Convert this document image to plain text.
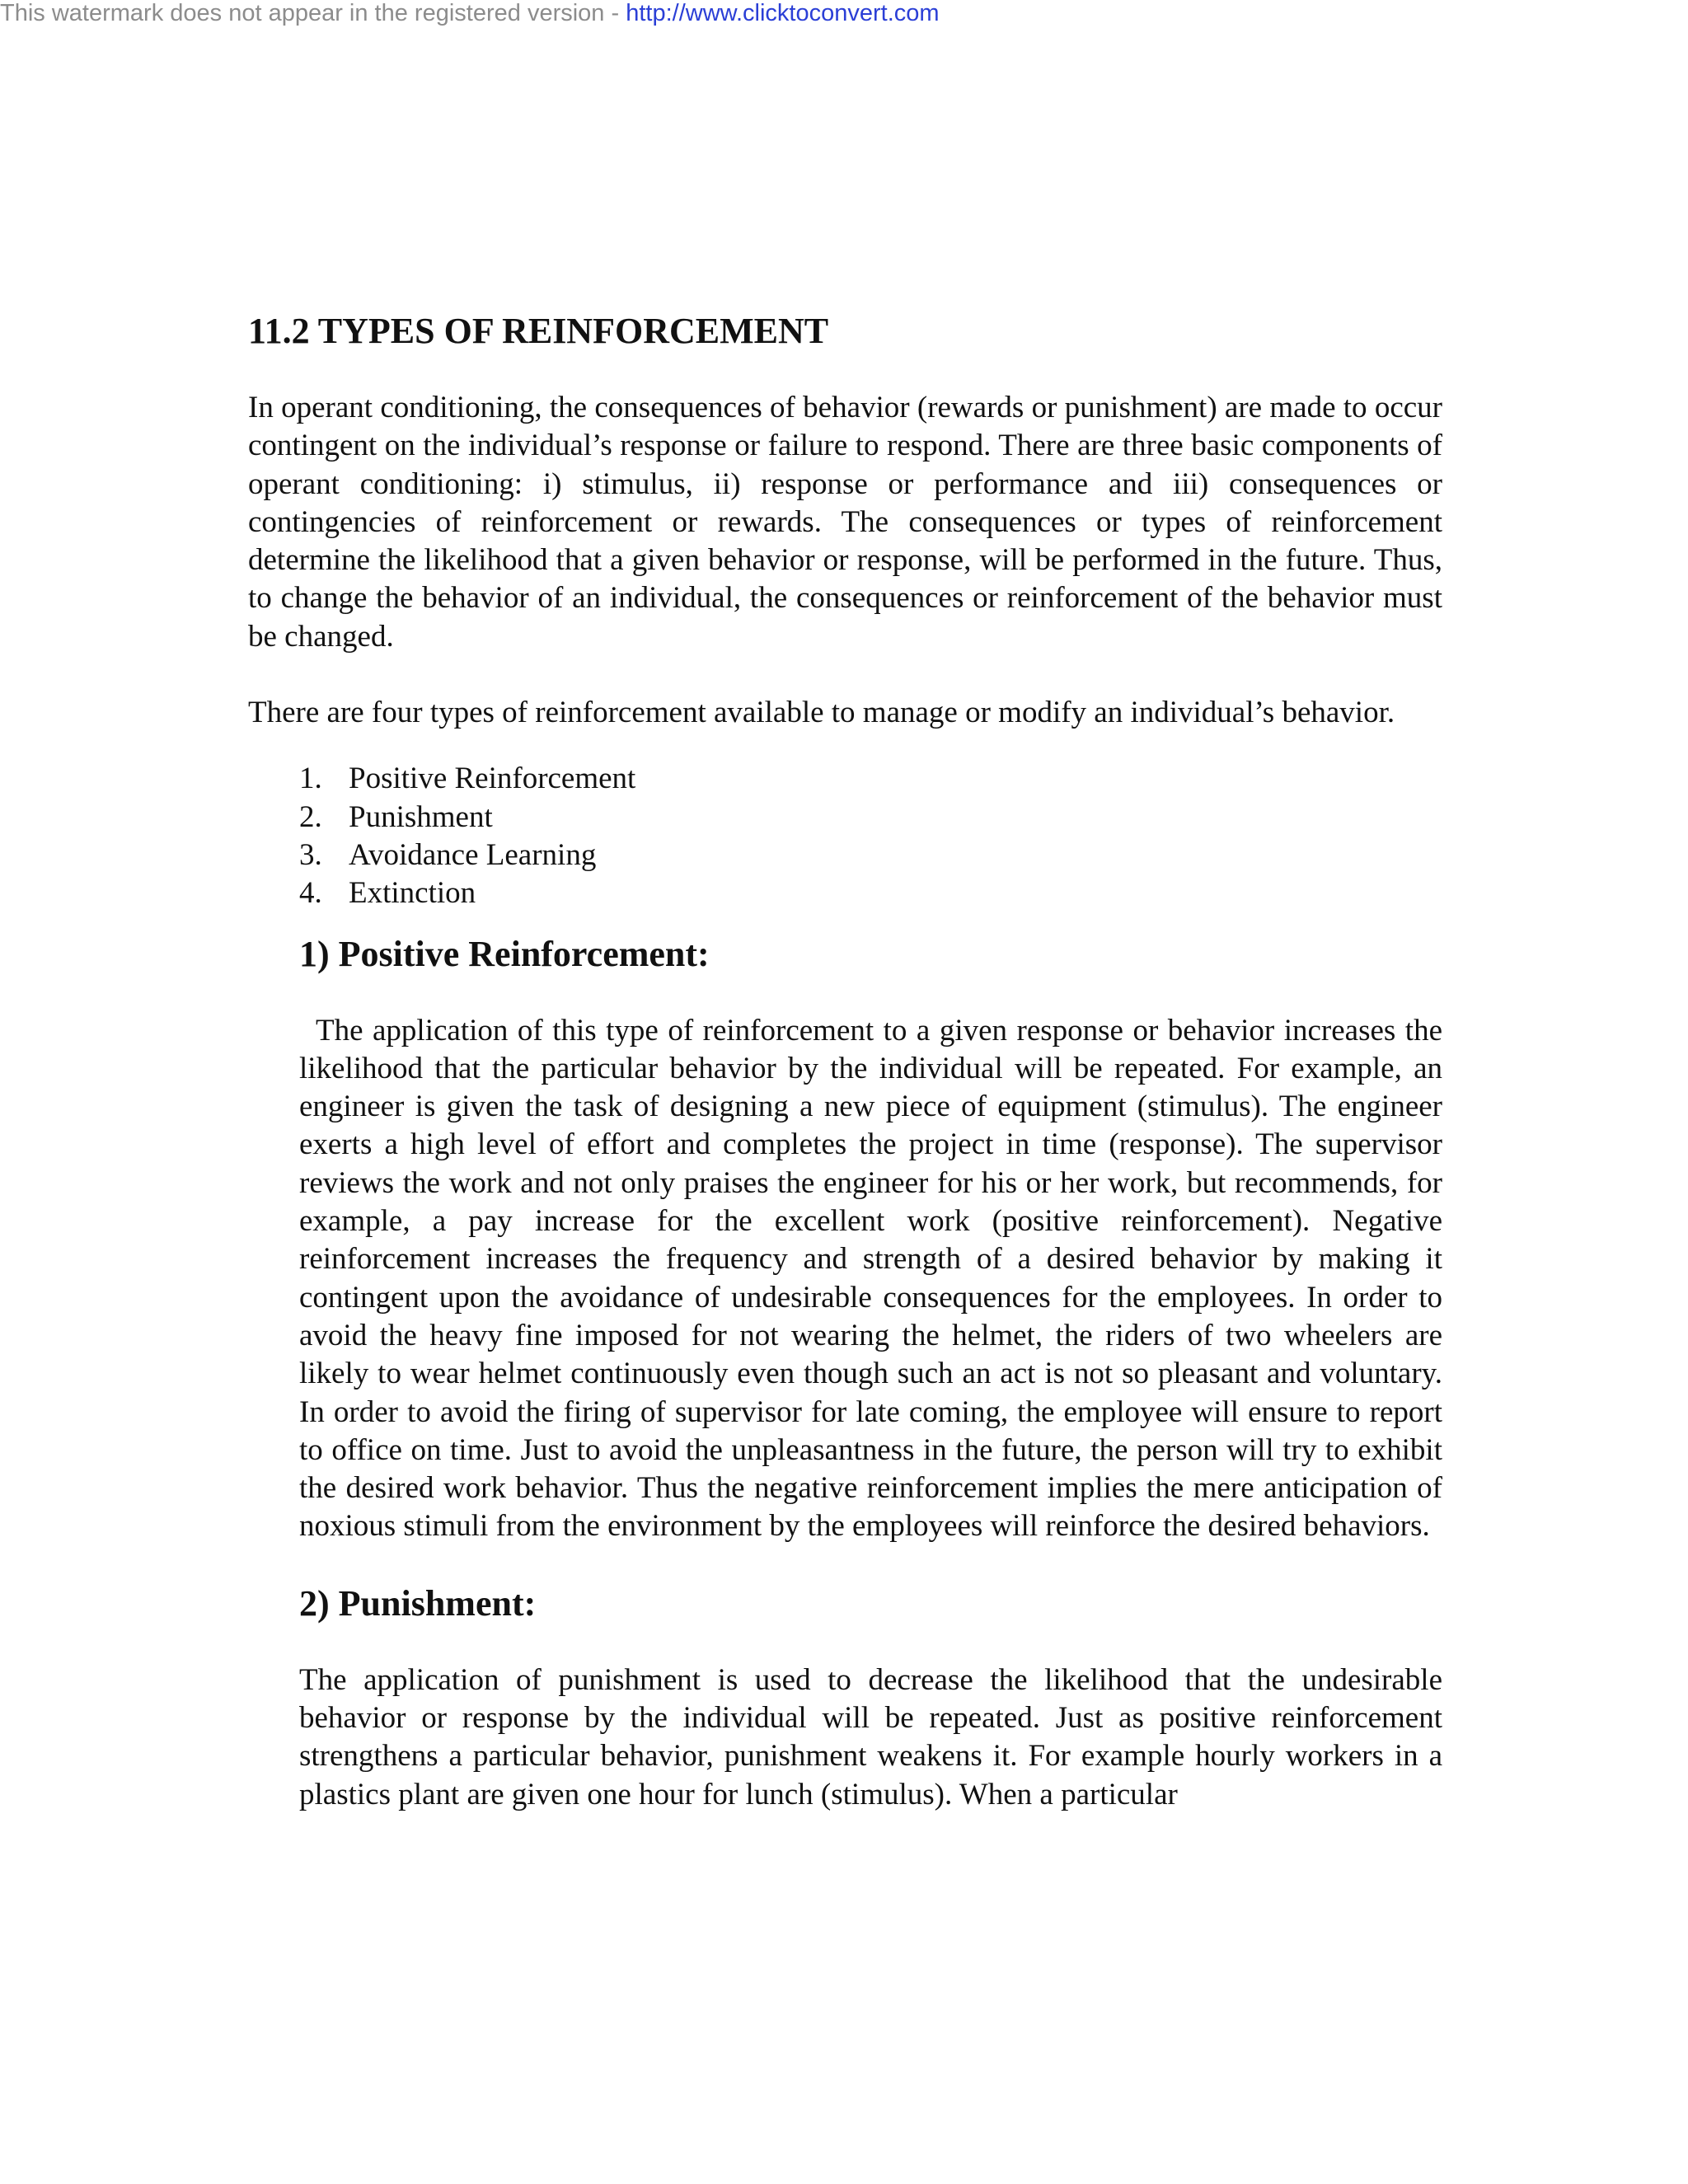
This watermark does not appear in the registered version - http://www.clicktoconvert.com
11.2 TYPES OF REINFORCEMENT

In operant conditioning, the consequences of behavior (rewards or punishment) are made to occur contingent on the individual’s response or failure to respond. There are three basic components of operant conditioning: i) stimulus, ii) response or performance and iii) consequences or contingencies of reinforcement or rewards. The consequences or types of reinforcement determine the likelihood that a given behavior or response, will be performed in the future. Thus, to change the behavior of an individual, the consequences or reinforcement of the behavior must be changed.

There are four types of reinforcement available to manage or modify an individual’s behavior.

1. Positive Reinforcement
2. Punishment
3. Avoidance Learning
4. Extinction
1) Positive Reinforcement:

The application of this type of reinforcement to a given response or behavior increases the likelihood that the particular behavior by the individual will be repeated. For example, an engineer is given the task of designing a new piece of equipment (stimulus). The engineer exerts a high level of effort and completes the project in time (response). The supervisor reviews the work and not only praises the engineer for his or her work, but recommends, for example, a pay increase for the excellent work (positive reinforcement). Negative reinforcement increases the frequency and strength of a desired behavior by making it contingent upon the avoidance of undesirable consequences for the employees. In order to avoid the heavy fine imposed for not wearing the helmet, the riders of two wheelers are likely to wear helmet continuously even though such an act is not so pleasant and voluntary. In order to avoid the firing of supervisor for late coming, the employee will ensure to report to office on time. Just to avoid the unpleasantness in the future, the person will try to exhibit the desired work behavior. Thus the negative reinforcement implies the mere anticipation of noxious stimuli from the environment by the employees will reinforce the desired behaviors.

2) Punishment:

The application of punishment is used to decrease the likelihood that the undesirable behavior or response by the individual will be repeated. Just as positive reinforcement strengthens a particular behavior, punishment weakens it. For example hourly workers in a plastics plant are given one hour for lunch (stimulus). When a particular
